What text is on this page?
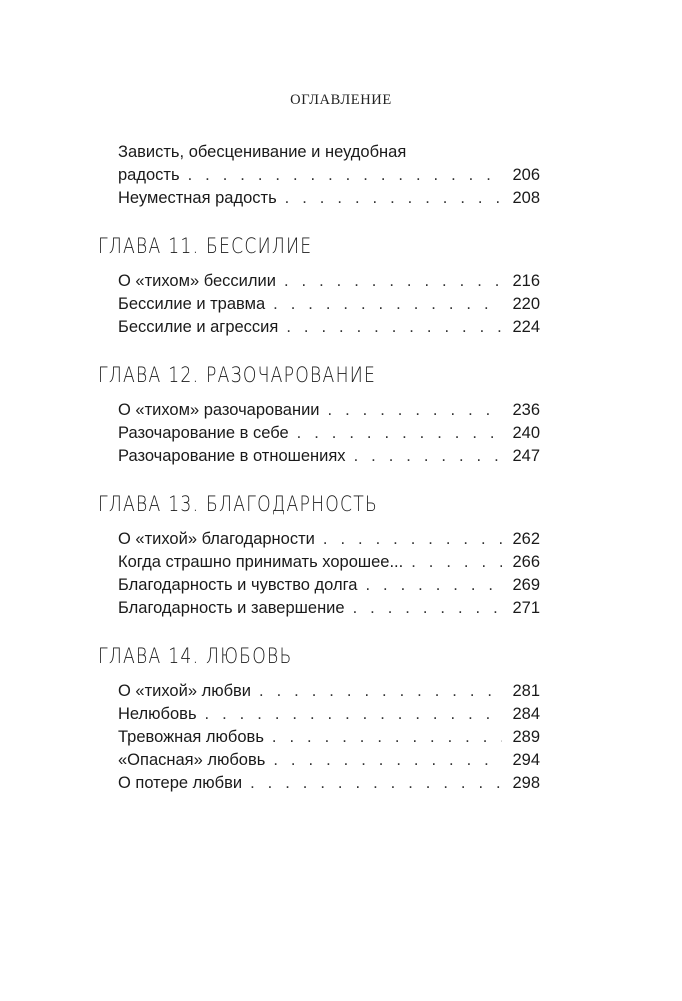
ОГЛАВЛЕНИЕ
Зависть, обесценивание и неудобная
радость . . .	206
Неуместная радость . . .	208
ГЛАВА 11. БЕССИЛИЕ
О «тихом» бессилии . . .	216
Бессилие и травма . . .	220
Бессилие и агрессия . . .	224
ГЛАВА 12. РАЗОЧАРОВАНИЕ
О «тихом» разочаровании . . .	236
Разочарование в себе . . .	240
Разочарование в отношениях . . .	247
ГЛАВА 13. БЛАГОДАРНОСТЬ
О «тихой» благодарности . . .	262
Когда страшно принимать хорошее... . . .	266
Благодарность и чувство долга . . .	269
Благодарность и завершение . . .	271
ГЛАВА 14. ЛЮБОВЬ
О «тихой» любви . . .	281
Нелюбовь . . .	284
Тревожная любовь . . .	289
«Опасная» любовь . . .	294
О потере любви . . .	298
